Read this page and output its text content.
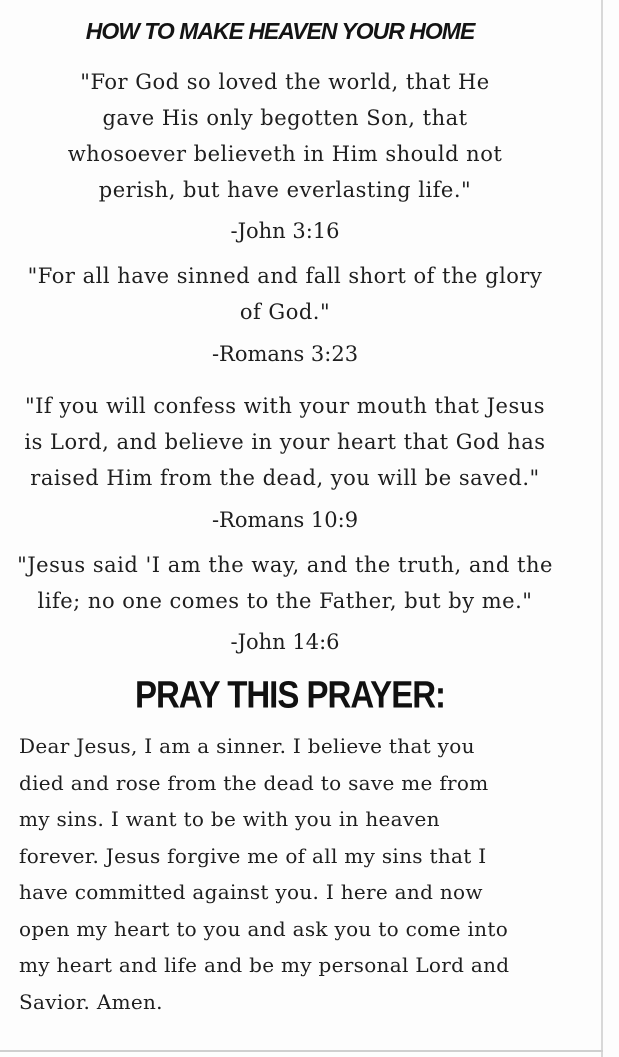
HOW TO MAKE HEAVEN YOUR HOME
"For God so loved the world, that He
gave His only begotten Son, that
whosoever believeth in Him should not
perish, but have everlasting life."
-John 3:16
"For all have sinned and fall short of the glory
of God."
-Romans 3:23
"If you will confess with your mouth that Jesus
is Lord, and believe in your heart that God has
raised Him from the dead, you will be saved."
-Romans 10:9
"Jesus said 'I am the way, and the truth, and the
life; no one comes to the Father, but by me."
-John 14:6
PRAY THIS PRAYER:
Dear Jesus, I am a sinner. I believe that you
died and rose from the dead to save me from
my sins. I want to be with you in heaven
forever. Jesus forgive me of all my sins that I
have committed against you. I here and now
open my heart to you and ask you to come into
my heart and life and be my personal Lord and
Savior. Amen.
